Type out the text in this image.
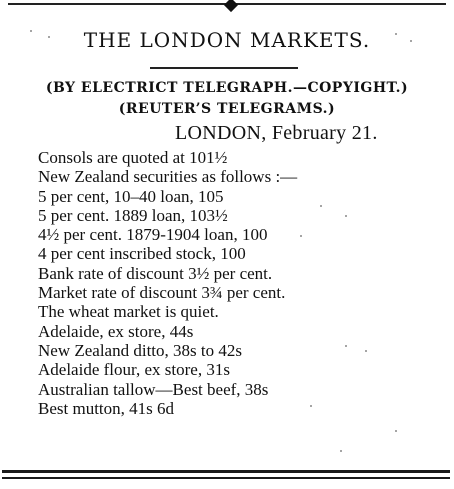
THE LONDON MARKETS.
(BY ELECTRICT TELEGRAPH.—COPYIGHT.)
(REUTER’S TELEGRAMS.)
LONDON, February 21.
Consols are quoted at 101½
New Zealand securities as follows :—
5 per cent, 10–40 loan, 105
5 per cent. 1889 loan, 103½
4½ per cent. 1879-1904 loan, 100
4 per cent inscribed stock, 100
Bank rate of discount 3½ per cent.
Market rate of discount 3¾ per cent.
The wheat market is quiet.
Adelaide, ex store, 44s
New Zealand ditto, 38s to 42s
Adelaide flour, ex store, 31s
Australian tallow—Best beef, 38s
Best mutton, 41s 6d
